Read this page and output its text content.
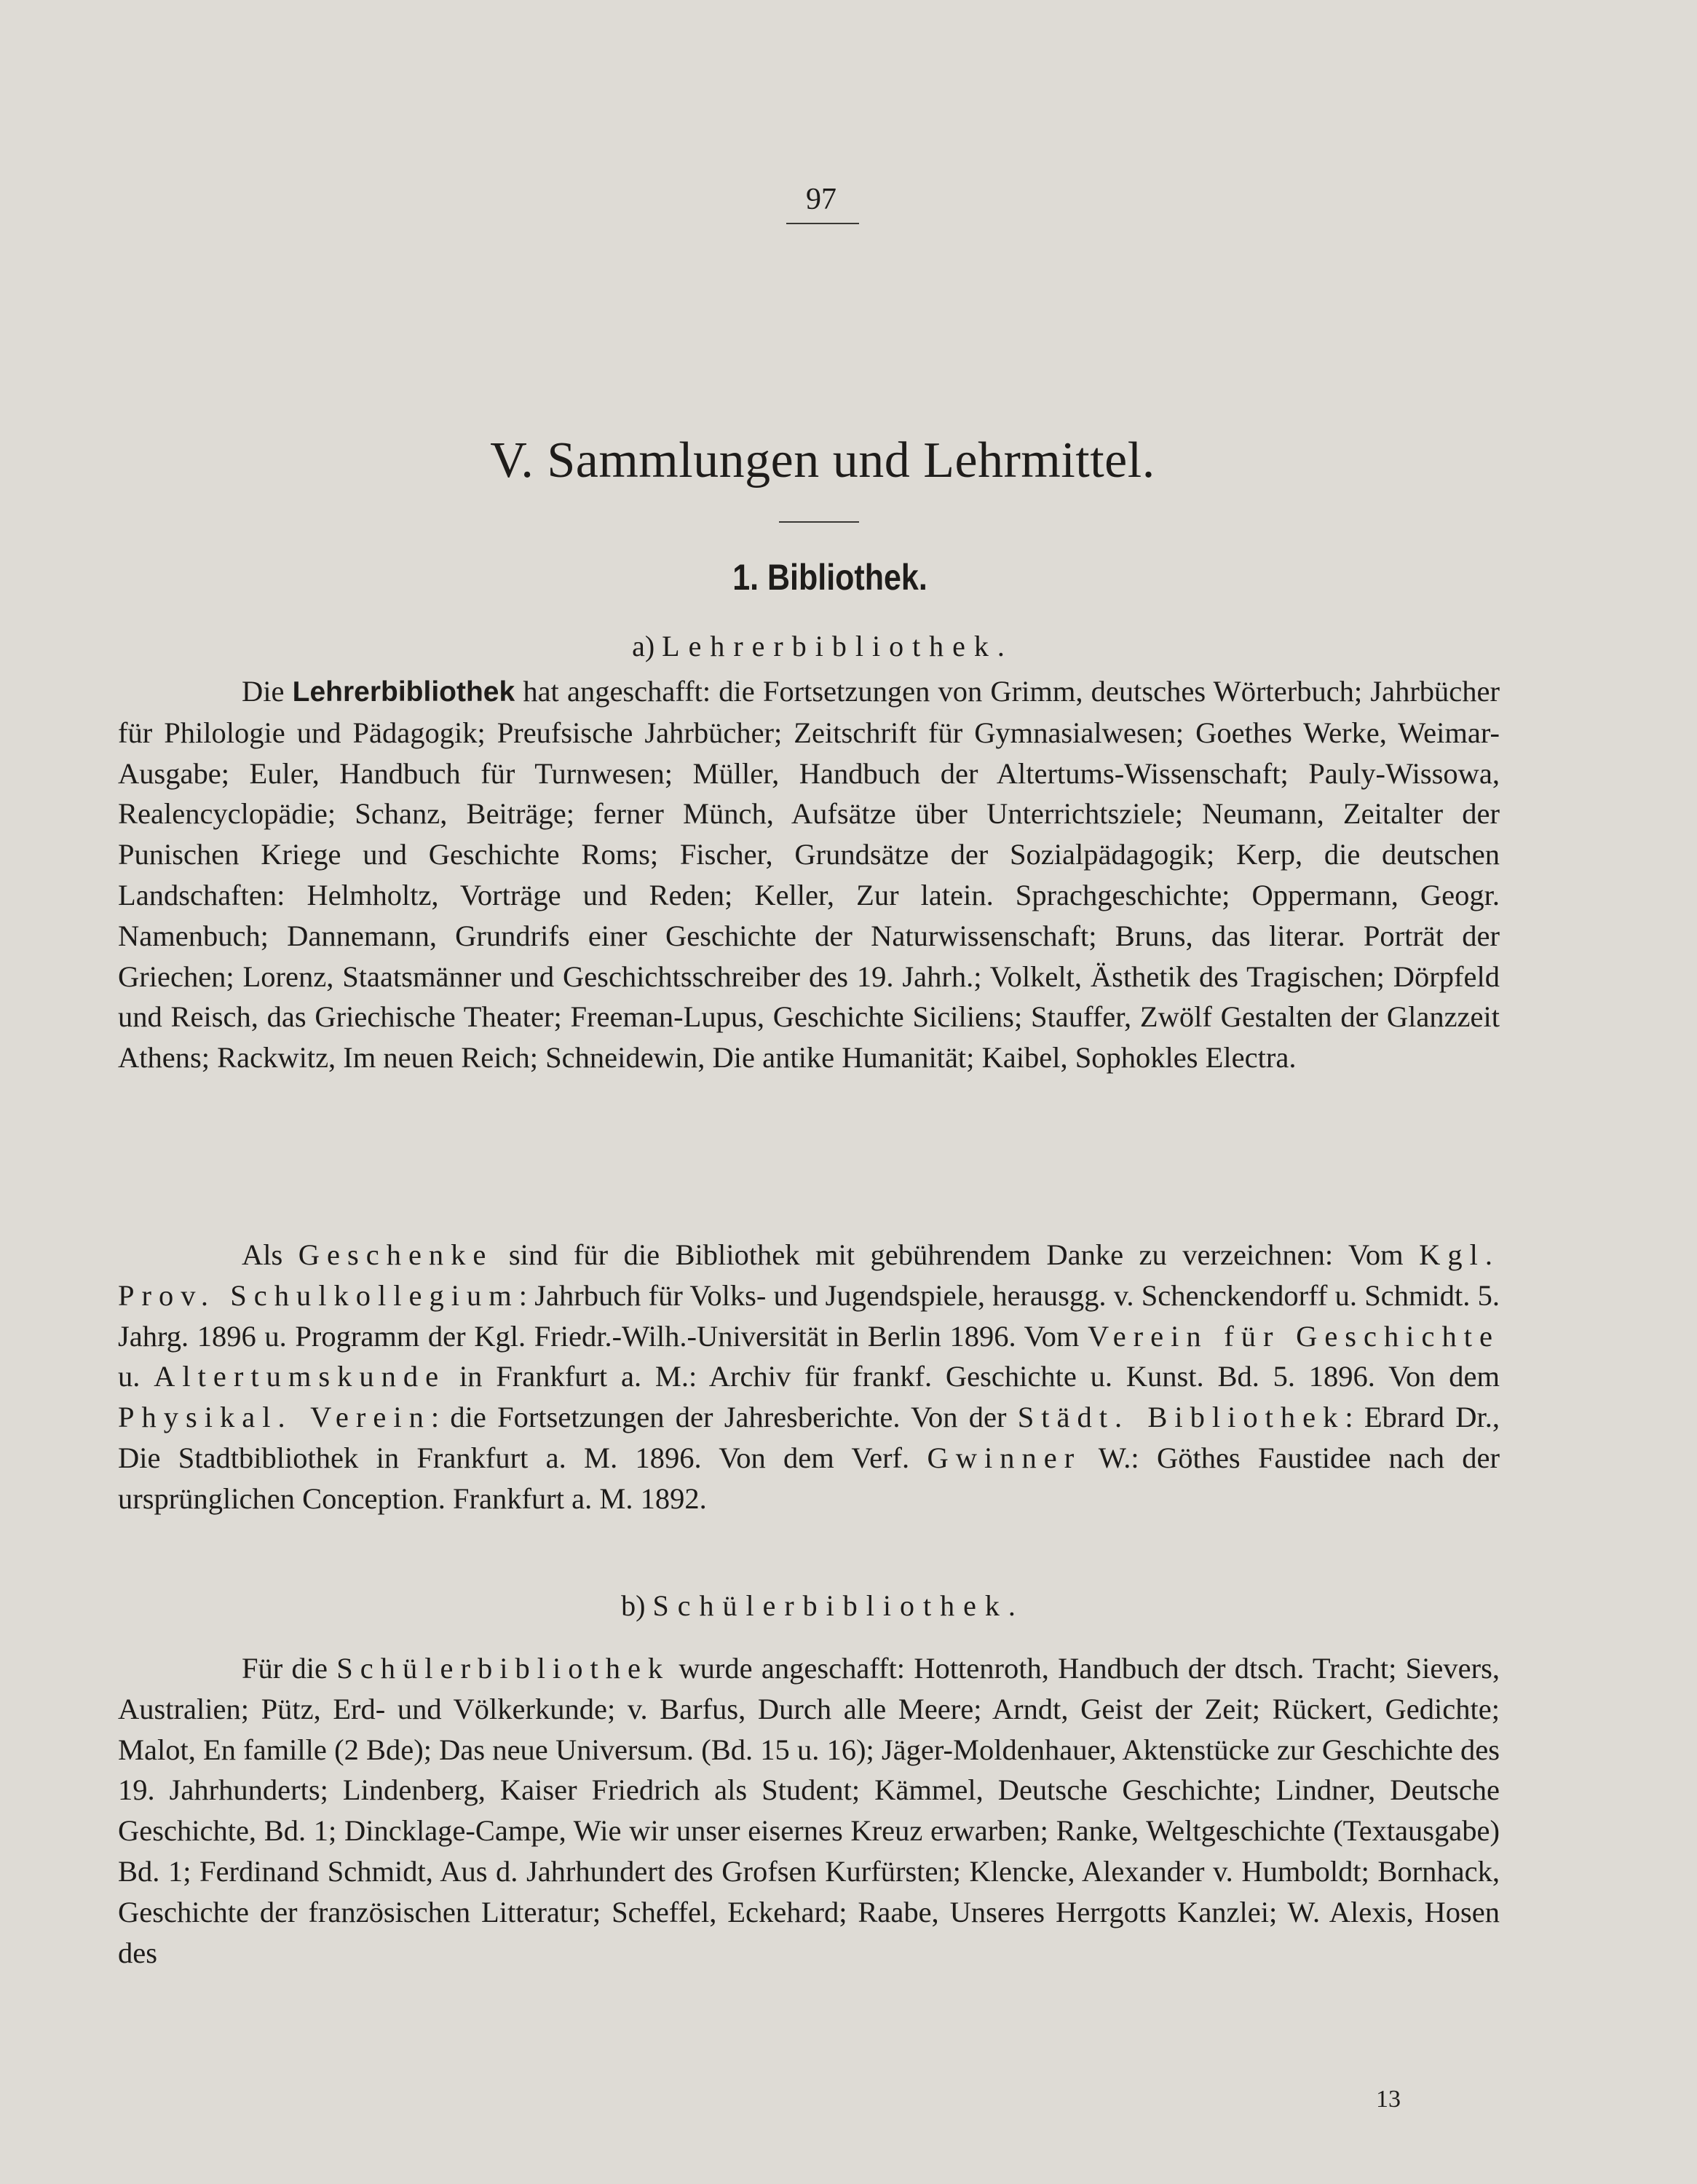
97
V. Sammlungen und Lehrmittel.
1. Bibliothek.
a) Lehrerbibliothek.

Die Lehrerbibliothek hat angeschafft: die Fortsetzungen von Grimm, deutsches Wörterbuch; Jahrbücher für Philologie und Pädagogik; Preufsische Jahrbücher; Zeitschrift für Gymnasialwesen; Goethes Werke, Weimar-Ausgabe; Euler, Handbuch für Turnwesen; Müller, Handbuch der Altertums-Wissenschaft; Pauly-Wissowa, Realencyclopädie; Schanz, Beiträge; ferner Münch, Aufsätze über Unterrichtsziele; Neumann, Zeitalter der Punischen Kriege und Geschichte Roms; Fischer, Grundsätze der Sozialpädagogik; Kerp, die deutschen Landschaften: Helmholtz, Vorträge und Reden; Keller, Zur latein. Sprachgeschichte; Oppermann, Geogr. Namenbuch; Dannemann, Grundrifs einer Geschichte der Naturwissenschaft; Bruns, das literar. Porträt der Griechen; Lorenz, Staatsmänner und Geschichtsschreiber des 19. Jahrh.; Volkelt, Ästhetik des Tragischen; Dörpfeld und Reisch, das Griechische Theater; Freeman-Lupus, Geschichte Siciliens; Stauffer, Zwölf Gestalten der Glanzzeit Athens; Rackwitz, Im neuen Reich; Schneidewin, Die antike Humanität; Kaibel, Sophokles Electra.

Als Geschenke sind für die Bibliothek mit gebührendem Danke zu verzeichnen: Vom Kgl. Prov. Schulkollegium: Jahrbuch für Volks- und Jugendspiele, herausgg. v. Schenckendorff u. Schmidt. 5. Jahrg. 1896 u. Programm der Kgl. Friedr.-Wilh.-Universität in Berlin 1896. Vom Verein für Geschichte u. Altertumskunde in Frankfurt a. M.: Archiv für frankf. Geschichte u. Kunst. Bd. 5. 1896. Von dem Physikal. Verein: die Fortsetzungen der Jahresberichte. Von der Städt. Bibliothek: Ebrard Dr., Die Stadtbibliothek in Frankfurt a. M. 1896. Von dem Verf. Gwinner W.: Göthes Faustidee nach der ursprünglichen Conception. Frankfurt a. M. 1892.

b) Schülerbibliothek.

Für die Schülerbibliothek wurde angeschafft: Hottenroth, Handbuch der dtsch. Tracht; Sievers, Australien; Pütz, Erd- und Völkerkunde; v. Barfus, Durch alle Meere; Arndt, Geist der Zeit; Rückert, Gedichte; Malot, En famille (2 Bde); Das neue Universum. (Bd. 15 u. 16); Jäger-Moldenhauer, Aktenstücke zur Geschichte des 19. Jahrhunderts; Lindenberg, Kaiser Friedrich als Student; Kämmel, Deutsche Geschichte; Lindner, Deutsche Geschichte, Bd. 1; Dincklage-Campe, Wie wir unser eisernes Kreuz erwarben; Ranke, Weltgeschichte (Textausgabe) Bd. 1; Ferdinand Schmidt, Aus d. Jahrhundert des Grofsen Kurfürsten; Klencke, Alexander v. Humboldt; Bornhack, Geschichte der französischen Litteratur; Scheffel, Eckehard; Raabe, Unseres Herrgotts Kanzlei; W. Alexis, Hosen des

13
